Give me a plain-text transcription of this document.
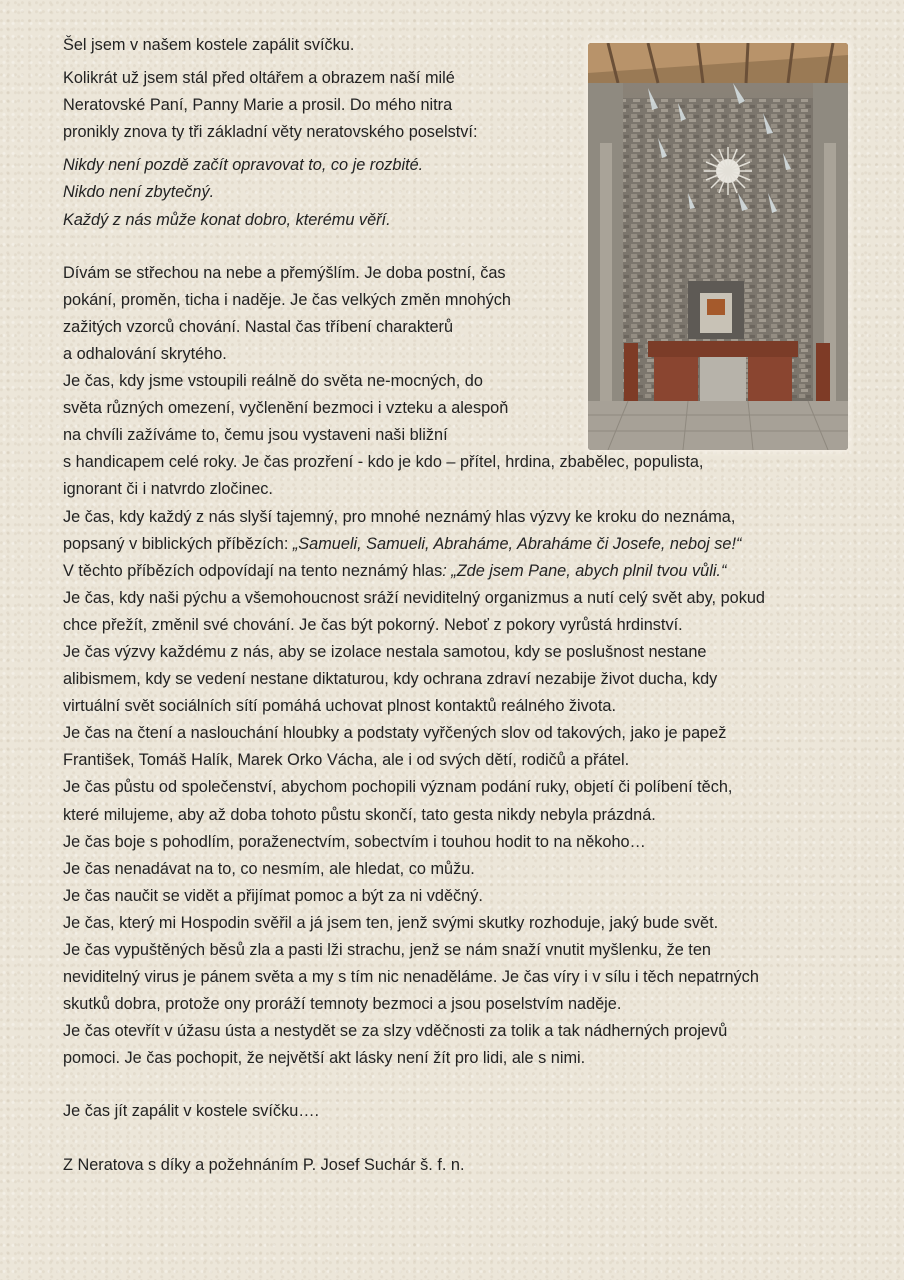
Šel jsem v našem kostele zapálit svíčku.
Kolikrát už jsem stál před oltářem a obrazem naší milé
Neratovské Paní, Panny Marie a prosil. Do mého nitra
pronikly znova ty tři základní věty neratovského poselství:
Nikdy není pozdě začít opravovat to, co je rozbité.
Nikdo není zbytečný.
Každý z nás může konat dobro, kterému věří.
Dívám se střechou na nebe a přemýšlím. Je doba postní, čas
pokání, proměn, ticha i naděje. Je čas velkých změn mnohých
zažitých vzorců chování. Nastal čas tříbení charakterů
a odhalování skrytého.
Je čas, kdy jsme vstoupili reálně do světa ne-mocných, do
světa různých omezení, vyčlenění bezmoci i vzteku a alespoň
na chvíli zažíváme to, čemu jsou vystaveni naši bližní
s handicapem celé roky. Je čas prozření - kdo je kdo – přítel, hrdina, zbabělec, populista,
ignorant či i natvrdo zločinec.
Je čas, kdy každý z nás slyší tajemný, pro mnohé neznámý hlas výzvy ke kroku do neznáma,
popsaný v biblických příbězích: „Samueli, Samueli, Abraháme, Abraháme či Josefe, neboj se!“
V těchto příbězích odpovídají na tento neznámý hlas: „Zde jsem Pane, abych plnil tvou vůli.“
Je čas, kdy naši pýchu a všemohoucnost sráží neviditelný organizmus a nutí celý svět aby, pokud
chce přežít, změnil své chování. Je čas být pokorný. Neboť z pokory vyrůstá hrdinství.
Je čas výzvy každému z nás, aby se izolace nestala samotou, kdy se poslušnost nestane
alibismem, kdy se vedení nestane diktaturou, kdy ochrana zdraví nezabije život ducha, kdy
virtuální svět sociálních sítí pomáhá uchovat plnost kontaktů reálného života.
Je čas na čtení a naslouchání hloubky a podstaty vyřčených slov od takových, jako je papež
František, Tomáš Halík, Marek Orko Vácha, ale i od svých dětí, rodičů a přátel.
Je čas půstu od společenství, abychom pochopili význam podání ruky, objetí či políbení těch,
které milujeme, aby až doba tohoto půstu skončí, tato gesta nikdy nebyla prázdná.
Je čas boje s pohodlím, poraženectvím, sobectvím i touhou hodit to na někoho…
Je čas nenadávat na to, co nesmím, ale hledat, co můžu.
Je čas naučit se vidět a přijímat pomoc a být za ni vděčný.
Je čas, který mi Hospodin svěřil a já jsem ten, jenž svými skutky rozhoduje, jaký bude svět.
Je čas vypuštěných běsů zla a pasti lži strachu, jenž se nám snaží vnutit myšlenku, že ten
neviditelný virus je pánem světa a my s tím nic nenaděláme. Je čas víry i v sílu i těch nepatrných
skutků dobra, protože ony proráží temnoty bezmoci a jsou poselstvím naděje.
Je čas otevřít v úžasu ústa a nestydět se za slzy vděčnosti za tolik a tak nádherných projevů
pomoci. Je čas pochopit, že největší akt lásky není žít pro lidi, ale s nimi.
Je čas jít zapálit v kostele svíčku….
Z Neratova s díky a požehnáním P. Josef Suchár š. f. n.
